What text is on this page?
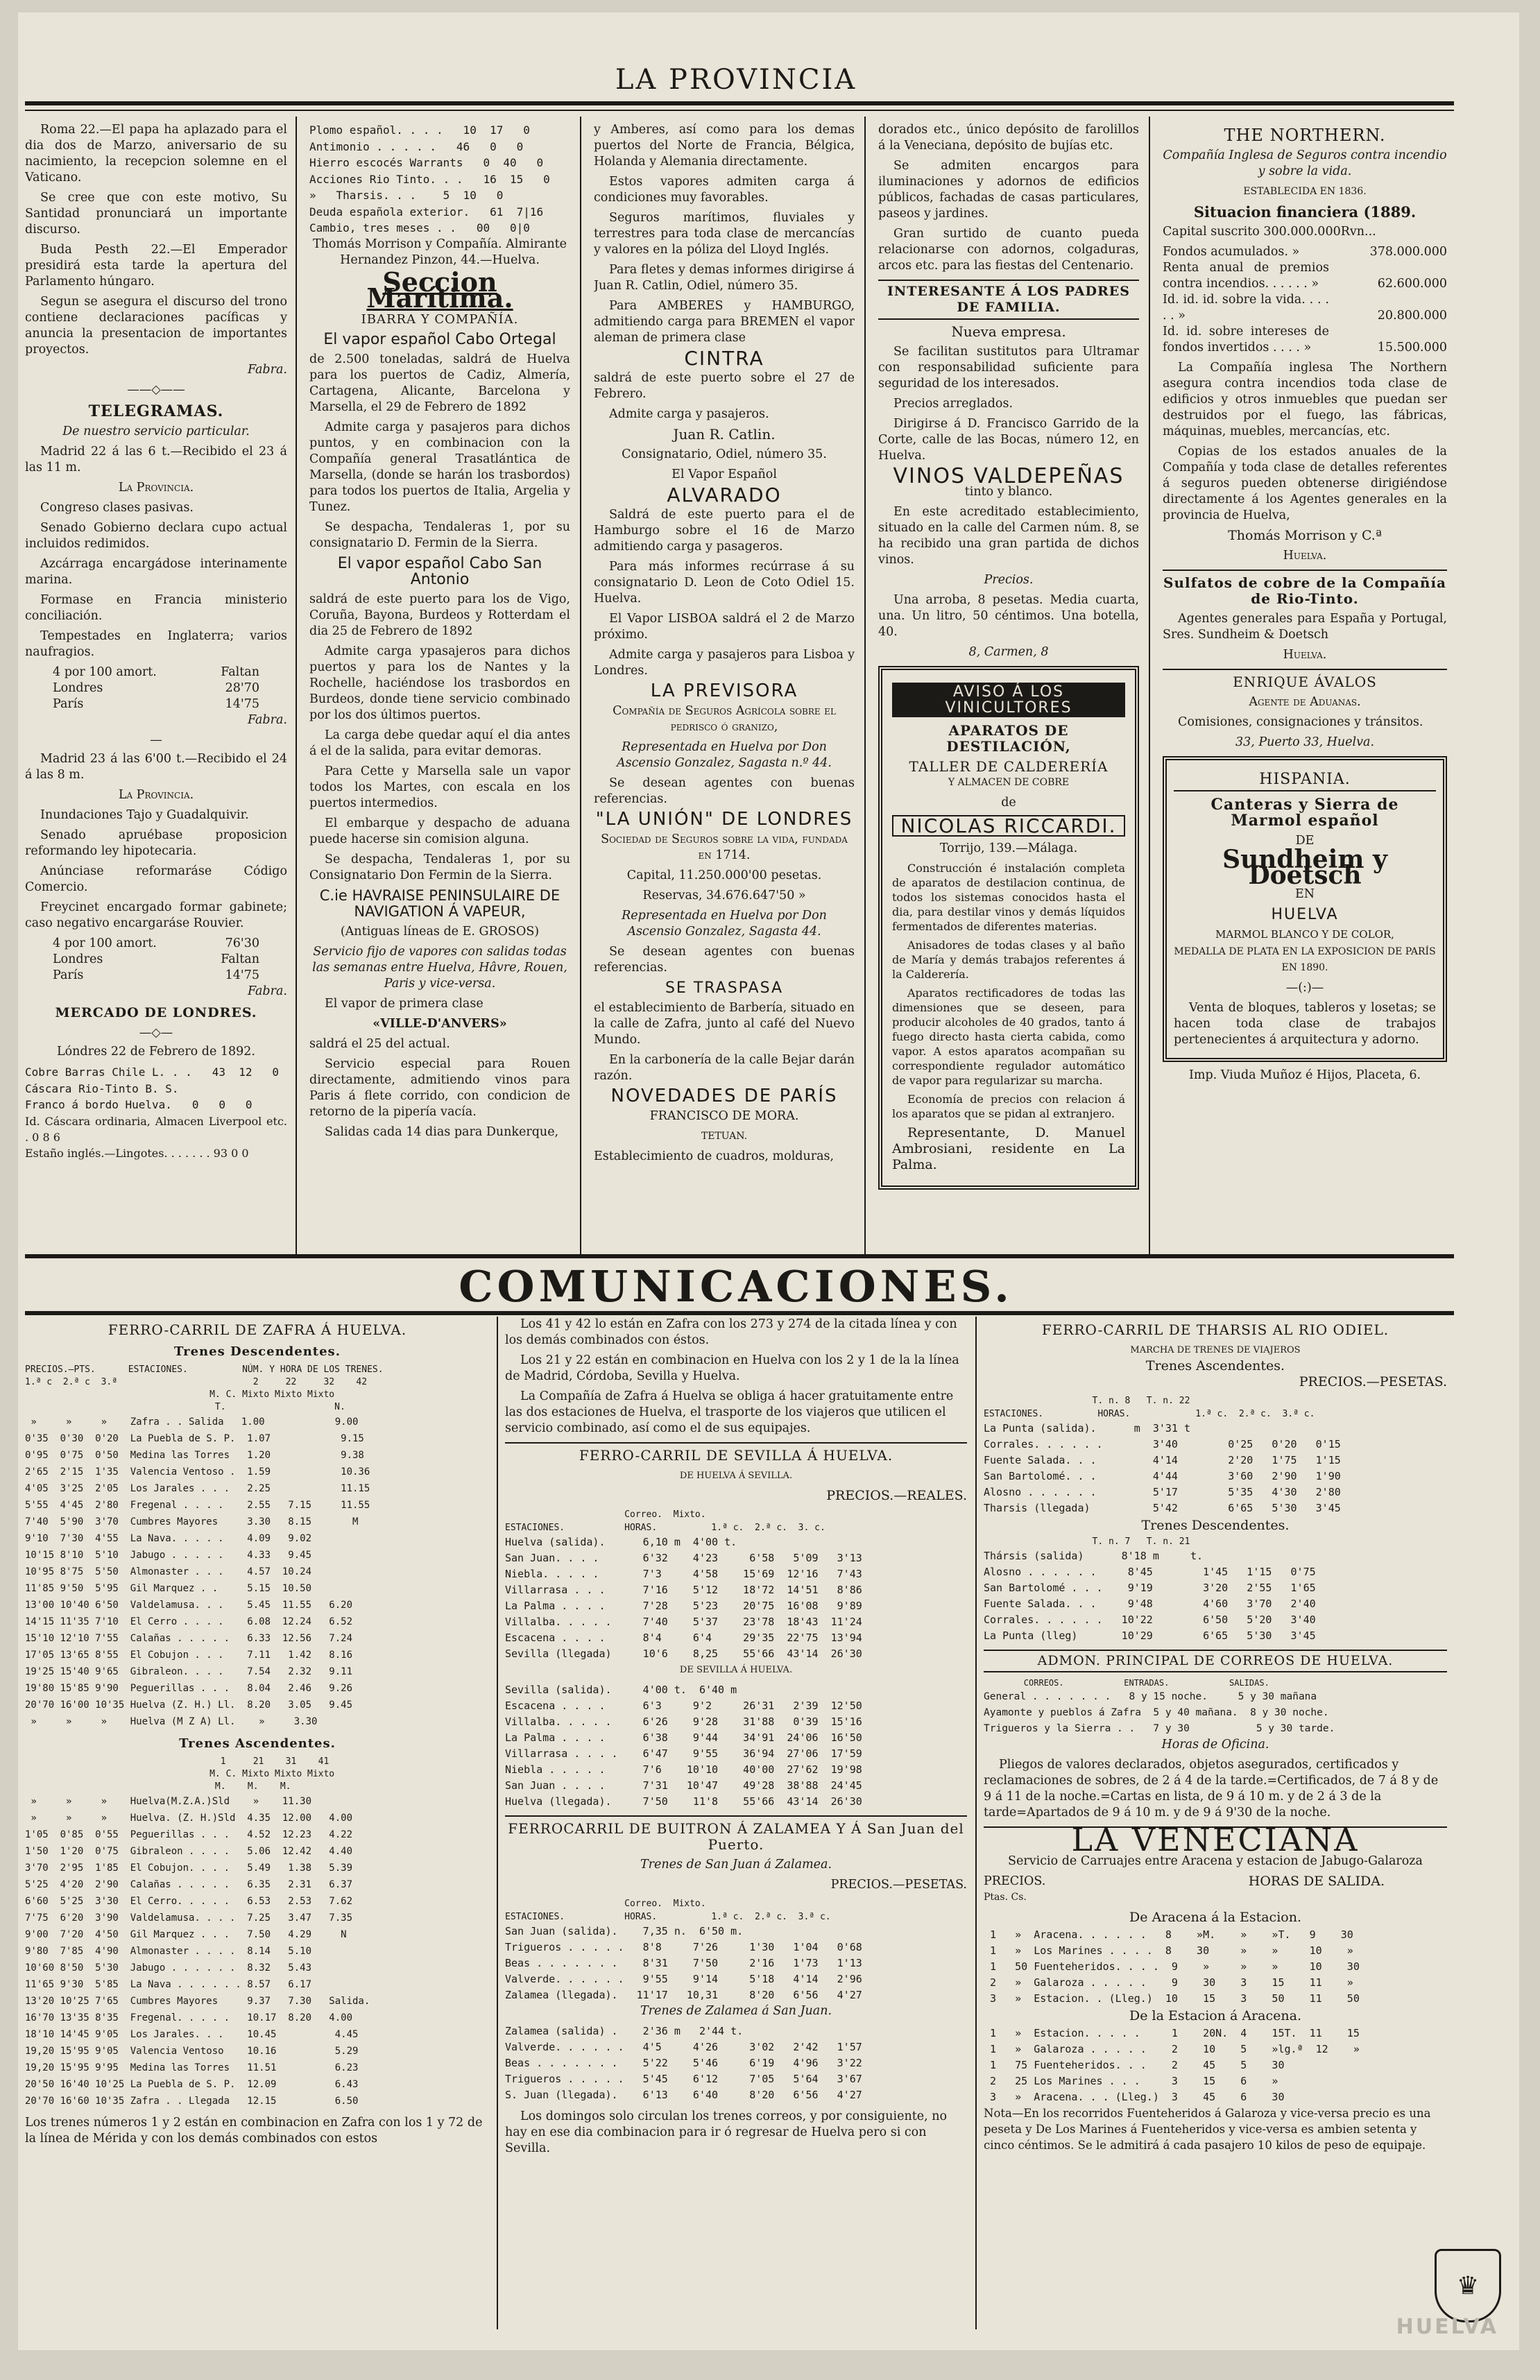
LA PROVINCIA

Roma 22.—El papa ha aplazado para el dia dos de Marzo, aniversario de su nacimiento, la recepcion solemne en el Vaticano.

Se cree que con este motivo, Su Santidad pronunciará un importante discurso.

Buda Pesth 22.—El Emperador presidirá esta tarde la apertura del Parlamento húngaro.

Segun se asegura el discurso del trono contiene declaraciones pacíficas y anuncia la presentacion de importantes proyectos.

Fabra.

——◇——
TELEGRAMAS.

De nuestro servicio particular.

Madrid 22 á las 6 t.—Recibido el 23 á las 11 m.

La Provincia.

Congreso clases pasivas.

Senado Gobierno declara cupo actual incluidos redimidos.

Azcárraga encargádose interinamente marina.

Formase en Francia ministerio conciliación.

Tempestades en Inglaterra; varios naufragios.

4 por 100 amort.	Faltan
Londres	28'70
París	14'75

Fabra.

—

Madrid 23 á las 6'00 t.—Recibido el 24 á las 8 m.

La Provincia.

Inundaciones Tajo y Guadalquivir.

Senado apruébase proposicion reformando ley hipotecaria.

Anúnciase reformaráse Código Comercio.

Freycinet encargado formar gabinete; caso negativo encargaráse Rouvier.

4 por 100 amort.	76'30
Londres	Faltan
París	14'75

Fabra.

MERCADO DE LONDRES.
—◇—

Lóndres 22 de Febrero de 1892.

Cobre Barras Chile L. . .   43  12   0
Cáscara Rio-Tinto B. S.
Franco á bordo Huelva.   0   0   0
Id. Cáscara ordinaria, Almacen Liverpool etc. . 0 8 6
Estaño inglés.—Lingotes. . . . . . . 93 0 0
Plomo español. . . .   10  17   0
Antimonio . . . . .   46   0   0
Hierro escocés Warrants   0  40   0
Acciones Rio Tinto. . .   16  15   0
»   Tharsis. . .    5  10   0
Deuda española exterior.   61  7|16
Cambio, tres meses . .   00   0|0

Thomás Morrison y Compañía. Almirante Hernandez Pinzon, 44.—Huelva.

Seccion Marítima.
IBARRA Y COMPAÑÍA.
El vapor español Cabo Ortegal

de 2.500 toneladas, saldrá de Huelva para los puertos de Cadiz, Almería, Cartagena, Alicante, Barcelona y Marsella, el 29 de Febrero de 1892

Admite carga y pasajeros para dichos puntos, y en combinacion con la Compañía general Trasatlántica de Marsella, (donde se harán los trasbordos) para todos los puertos de Italia, Argelia y Tunez.

Se despacha, Tendaleras 1, por su consignatario D. Fermin de la Sierra.

El vapor español Cabo San Antonio

saldrá de este puerto para los de Vigo, Coruña, Bayona, Burdeos y Rotterdam el dia 25 de Febrero de 1892

Admite carga ypasajeros para dichos puertos y para los de Nantes y la Rochelle, haciéndose los trasbordos en Burdeos, donde tiene servicio combinado por los dos últimos puertos.

La carga debe quedar aquí el dia antes á el de la salida, para evitar demoras.

Para Cette y Marsella sale un vapor todos los Martes, con escala en los puertos intermedios.

El embarque y despacho de aduana puede hacerse sin comision alguna.

Se despacha, Tendaleras 1, por su Consignatario Don Fermin de la Sierra.

C.ie HAVRAISE PENINSULAIRE DE NAVIGATION Á VAPEUR,

(Antiguas líneas de E. GROSOS)

Servicio fijo de vapores con salidas todas las semanas entre Huelva, Hâvre, Rouen, Paris y vice-versa.

El vapor de primera clase

«VILLE-D'ANVERS»

saldrá el 25 del actual.

Servicio especial para Rouen directamente, admitiendo vinos para Paris á flete corrido, con condicion de retorno de la pipería vacía.

Salidas cada 14 dias para Dunkerque,

y Amberes, así como para los demas puertos del Norte de Francia, Bélgica, Holanda y Alemania directamente.

Estos vapores admiten carga á condiciones muy favorables.

Seguros marítimos, fluviales y terrestres para toda clase de mercancías y valores en la póliza del Lloyd Inglés.

Para fletes y demas informes dirigirse á Juan R. Catlin, Odiel, número 35.

Para AMBERES y HAMBURGO, admitiendo carga para BREMEN el vapor aleman de primera clase

CINTRA

saldrá de este puerto sobre el 27 de Febrero.

Admite carga y pasajeros.

Juan R. Catlin.

Consignatario, Odiel, número 35.

El Vapor Español

ALVARADO

Saldrá de este puerto para el de Hamburgo sobre el 16 de Marzo admitiendo carga y pasageros.

Para más informes recúrrase á su consignatario D. Leon de Coto Odiel 15. Huelva.

El Vapor LISBOA saldrá el 2 de Marzo próximo.

Admite carga y pasajeros para Lisboa y Londres.

LA PREVISORA

Compañía de Seguros Agrícola sobre el pedrisco ó granizo,

Representada en Huelva por Don Ascensio Gonzalez, Sagasta n.º 44.

Se desean agentes con buenas referencias.

"LA UNIÓN" DE LONDRES

Sociedad de Seguros sobre la vida, fundada en 1714.

Capital, 11.250.000'00 pesetas.

Reservas, 34.676.647'50 »

Representada en Huelva por Don Ascensio Gonzalez, Sagasta 44.

Se desean agentes con buenas referencias.

SE TRASPASA

el establecimiento de Barbería, situado en la calle de Zafra, junto al café del Nuevo Mundo.

En la carbonería de la calle Bejar darán razón.

NOVEDADES DE PARÍS

FRANCISCO DE MORA.

TETUAN.

Establecimiento de cuadros, molduras,

dorados etc., único depósito de farolillos á la Veneciana, depósito de bujías etc.

Se admiten encargos para iluminaciones y adornos de edificios públicos, fachadas de casas particulares, paseos y jardines.

Gran surtido de cuanto pueda relacionarse con adornos, colgaduras, arcos etc. para las fiestas del Centenario.

INTERESANTE Á LOS PADRES DE FAMILIA.

Nueva empresa.

Se facilitan sustitutos para Ultramar con responsabilidad suficiente para seguridad de los interesados.

Precios arreglados.

Dirigirse á D. Francisco Garrido de la Corte, calle de las Bocas, número 12, en Huelva.

VINOS VALDEPEÑAS

tinto y blanco.

En este acreditado establecimiento, situado en la calle del Carmen núm. 8, se ha recibido una gran partida de dichos vinos.

Precios.

Una arroba, 8 pesetas. Media cuarta, una. Un litro, 50 céntimos. Una botella, 40.

8, Carmen, 8

AVISO Á LOS VINICULTORES
APARATOS DE DESTILACIÓN,
TALLER DE CALDERERÍA

Y ALMACEN DE COBRE

de

NICOLAS RICCARDI.

Torrijo, 139.—Málaga.

Construcción é instalación completa de aparatos de destilacion continua, de todos los sistemas conocidos hasta el dia, para destilar vinos y demás líquidos fermentados de diferentes materias.

Anisadores de todas clases y al baño de María y demás trabajos referentes á la Calderería.

Aparatos rectificadores de todas las dimensiones que se deseen, para producir alcoholes de 40 grados, tanto á fuego directo hasta cierta cabida, como vapor. A estos aparatos acompañan su correspondiente regulador automático de vapor para regularizar su marcha.

Economía de precios con relacion á los aparatos que se pidan al extranjero.

Representante, D. Manuel Ambrosiani, residente en La Palma.

THE NORTHERN.

Compañía Inglesa de Seguros contra incendio y sobre la vida.

ESTABLECIDA EN 1836.

Situacion financiera (1889.

Capital suscrito 300.000.000Rvn...

Fondos acumulados. »	378.000.000
Renta anual de premios contra incendios. . . . . . »	62.600.000
Id. id. id. sobre la vida. . . . . . »	20.800.000
Id. id. sobre intereses de fondos invertidos . . . . »	15.500.000

La Compañía inglesa The Northern asegura contra incendios toda clase de edificios y otros inmuebles que puedan ser destruidos por el fuego, las fábricas, máquinas, muebles, mercancías, etc.

Copias de los estados anuales de la Compañía y toda clase de detalles referentes á seguros pueden obtenerse dirigiéndose directamente á los Agentes generales en la provincia de Huelva,

Thomás Morrison y C.ª

Huelva.

Sulfatos de cobre de la Compañía de Rio-Tinto.

Agentes generales para España y Portugal, Sres. Sundheim & Doetsch

Huelva.

ENRIQUE ÁVALOS

Agente de Aduanas.

Comisiones, consignaciones y tránsitos.

33, Puerto 33, Huelva.

HISPANIA.
Canteras y Sierra de Marmol español

DE

Sundheim y Doetsch

EN

HUELVA

MARMOL BLANCO Y DE COLOR,

MEDALLA DE PLATA EN LA EXPOSICION DE PARÍS EN 1890.

—(:)—

Venta de bloques, tableros y losetas; se hacen toda clase de trabajos pertenecientes á arquitectura y adorno.

Imp. Viuda Muñoz é Hijos, Placeta, 6.

COMUNICACIONES.
FERRO-CARRIL DE ZAFRA Á HUELVA.
Trenes Descendentes.
PRECIOS.—PTS.      ESTACIONES.          NÚM. Y HORA DE LOS TRENES.
1.ª c  2.ª c  3.ª                         2     22     32    42
M. C. Mixto Mixto Mixto
T.                    N.
»     »     »    Zafra . . Salida   1.00            9.00
0'35  0'30  0'20  La Puebla de S. P.  1.07            9.15
0'95  0'75  0'50  Medina las Torres   1.20            9.38
2'65  2'15  1'35  Valencia Ventoso .  1.59            10.36
4'05  3'25  2'05  Los Jarales . . .   2.25            11.15
5'55  4'45  2'80  Fregenal . . . .    2.55   7.15     11.55
7'40  5'90  3'70  Cumbres Mayores     3.30   8.15       M
9'10  7'30  4'55  La Nava. . . . .    4.09   9.02
10'15 8'10  5'10  Jabugo . . . . .    4.33   9.45
10'95 8'75  5'50  Almonaster . . .    4.57  10.24
11'85 9'50  5'95  Gil Marquez . .     5.15  10.50
13'00 10'40 6'50  Valdelamusa. . .    5.45  11.55   6.20
14'15 11'35 7'10  El Cerro . . . .    6.08  12.24   6.52
15'10 12'10 7'55  Calañas . . . . .   6.33  12.56   7.24
17'05 13'65 8'55  El Cobujon . . .    7.11   1.42   8.16
19'25 15'40 9'65  Gibraleon. . . .    7.54   2.32   9.11
19'80 15'85 9'90  Peguerillas . . .   8.04   2.46   9.26
20'70 16'00 10'35 Huelva (Z. H.) Ll.  8.20   3.05   9.45
»     »     »    Huelva (M Z A) Ll.    »     3.30
Trenes Ascendentes.
1     21    31    41
M. C. Mixto Mixto Mixto
M.    M.    M.
»     »     »    Huelva(M.Z.A.)Sld    »    11.30
»     »     »    Huelva. (Z. H.)Sld  4.35  12.00   4.00
1'05  0'85  0'55  Peguerillas . . .   4.52  12.23   4.22
1'50  1'20  0'75  Gibraleon . . . .   5.06  12.42   4.40
3'70  2'95  1'85  El Cobujon. . . .   5.49   1.38   5.39
5'25  4'20  2'90  Calañas . . . . .   6.35   2.31   6.37
6'60  5'25  3'30  El Cerro. . . . .   6.53   2.53   7.62
7'75  6'20  3'90  Valdelamusa. . . .  7.25   3.47   7.35
9'00  7'20  4'50  Gil Marquez . . .   7.50   4.29     N
9'80  7'85  4'90  Almonaster . . . .  8.14   5.10
10'60 8'50  5'30  Jabugo . . . . . .  8.32   5.43
11'65 9'30  5'85  La Nava . . . . . . 8.57   6.17
13'20 10'25 7'65  Cumbres Mayores     9.37   7.30   Salida.
16'70 13'35 8'35  Fregenal. . . . .   10.17  8.20   4.00
18'10 14'45 9'05  Los Jarales. . .    10.45          4.45
19,20 15'95 9'05  Valencia Ventoso    10.16          5.29
19,20 15'95 9'95  Medina las Torres   11.51          6.23
20'50 16'40 10'25 La Puebla de S. P.  12.09          6.43
20'70 16'60 10'35 Zafra . . Llegada   12.15          6.50

Los trenes números 1 y 2 están en combinacion en Zafra con los 1 y 72 de la línea de Mérida y con los demás combinados con estos

Los 41 y 42 lo están en Zafra con los 273 y 274 de la citada línea y con los demás combinados con éstos.

Los 21 y 22 están en combinacion en Huelva con los 2 y 1 de la la línea de Madrid, Córdoba, Sevilla y Huelva.

La Compañía de Zafra á Huelva se obliga á hacer gratuitamente entre las dos estaciones de Huelva, el trasporte de los viajeros que utilicen el servicio combinado, así como el de sus equipajes.

FERRO-CARRIL DE SEVILLA Á HUELVA.

DE HUELVA Á SEVILLA.

PRECIOS.—REALES.

Correo.  Mixto.
ESTACIONES.           HORAS.          1.ª c.  2.ª c.  3. c.
Huelva (salida).      6,10 m  4'00 t.
San Juan. . . .       6'32    4'23     6'58   5'09   3'13
Niebla. . . . .       7'3     4'58    15'69  12'16   7'43
Villarrasa . . .      7'16    5'12    18'72  14'51   8'86
La Palma . . . .      7'28    5'23    20'75  16'08   9'89
Villalba. . . . .     7'40    5'37    23'78  18'43  11'24
Escacena . . . .      8'4     6'4     29'35  22'75  13'94
Sevilla (llegada)     10'6    8,25    55'66  43'14  26'30

DE SEVILLA Á HUELVA.

Sevilla (salida).     4'00 t.  6'40 m
Escacena . . . .      6'3     9'2     26'31   2'39  12'50
Villalba. . . . .     6'26    9'28    31'88   0'39  15'16
La Palma . . . .      6'38    9'44    34'91  24'06  16'50
Villarrasa . . . .    6'47    9'55    36'94  27'06  17'59
Niebla . . . . .      7'6    10'10    40'00  27'62  19'98
San Juan . . . .      7'31   10'47    49'28  38'88  24'45
Huelva (llegada).     7'50    11'8    55'66  43'14  26'30
FERROCARRIL DE BUITRON Á ZALAMEA Y Á San Juan del Puerto.

Trenes de San Juan á Zalamea.

PRECIOS.—PESETAS.

Correo.  Mixto.
ESTACIONES.           HORAS.          1.ª c.  2.ª c.  3.ª c.
San Juan (salida).    7,35 n.  6'50 m.
Trigueros . . . . .   8'8     7'26     1'30   1'04   0'68
Beas . . . . . . .    8'31    7'50     2'16   1'73   1'13
Valverde. . . . . .   9'55    9'14     5'18   4'14   2'96
Zalamea (llegada).   11'17   10,31     8'20   6'56   4'27

Trenes de Zalamea á San Juan.

Zalamea (salida) .    2'36 m   2'44 t.
Valverde. . . . . .   4'5     4'26     3'02   2'42   1'57
Beas . . . . . . .    5'22    5'46     6'19   4'96   3'22
Trigueros . . . . .   5'45    6'12     7'05   5'64   3'67
S. Juan (llegada).    6'13    6'40     8'20   6'56   4'27

Los domingos solo circulan los trenes correos, y por consiguiente, no hay en ese dia combinacion para ir ó regresar de Huelva pero si con Sevilla.

FERRO-CARRIL DE THARSIS AL RIO ODIEL.

MARCHA DE TRENES DE VIAJEROS

Trenes Ascendentes.

PRECIOS.—PESETAS.

T. n. 8   T. n. 22
ESTACIONES.          HORAS.            1.ª c.  2.ª c.  3.ª c.
La Punta (salida).      m  3'31 t
Corrales. . . . . .        3'40        0'25   0'20   0'15
Fuente Salada. . .         4'14        2'20   1'75   1'15
San Bartolomé. . .         4'44        3'60   2'90   1'90
Alosno . . . . . .         5'17        5'35   4'30   2'80
Tharsis (llegada)          5'42        6'65   5'30   3'45

Trenes Descendentes.

T. n. 7   T. n. 21
Thársis (salida)      8'18 m     t.
Alosno . . . . . .     8'45        1'45   1'15   0'75
San Bartolomé . . .    9'19        3'20   2'55   1'65
Fuente Salada. . .     9'48        4'60   3'70   2'40
Corrales. . . . . .   10'22        6'50   5'20   3'40
La Punta (lleg)       10'29        6'65   5'30   3'45
ADMON. PRINCIPAL DE CORREOS DE HUELVA.
CORREOS.            ENTRADAS.            SALIDAS.
General . . . . . . .   8 y 15 noche.     5 y 30 mañana
Ayamonte y pueblos á Zafra  5 y 40 mañana.  8 y 30 noche.
Trigueros y la Sierra . .   7 y 30           5 y 30 tarde.

Horas de Oficina.

Pliegos de valores declarados, objetos asegurados, certificados y reclamaciones de sobres, de 2 á 4 de la tarde.=Certificados, de 7 á 8 y de 9 á 11 de la noche.=Cartas en lista, de 9 á 10 m. y de 2 á 3 de la tarde=Apartados de 9 á 10 m. y de 9 á 9'30 de la noche.

LA VENECIANA

Servicio de Carruajes entre Aracena y estacion de Jabugo-Galaroza

PRECIOS.	HORAS DE SALIDA.

Ptas. Cs.

De Aracena á la Estacion.

1   »  Aracena. . . . . .   8    »M.    »    »T.   9    30
1   »  Los Marines . . . .  8    30     »    »     10    »
1   50 Fuenteheridos. . . .  9    »     »    »     10    30
2   »  Galaroza . . . . .    9    30    3    15    11    »
3   »  Estacion. . (Lleg.)  10    15    3    50    11    50

De la Estacion á Aracena.

1   »  Estacion. . . . .     1    20N.  4    15T.  11    15
1   »  Galaroza . . . . .    2    10    5    »lg.ª  12    »
1   75 Fuenteheridos. . .    2    45    5    30
2   25 Los Marines . . .     3    15    6    »
3   »  Aracena. . . (Lleg.)  3    45    6    30

Nota—En los recorridos Fuenteheridos á Galaroza y vice-versa precio es una peseta y De Los Marines á Fuenteheridos y vice-versa es ambien setenta y cinco céntimos. Se le admitirá á cada pasajero 10 kilos de peso de equipaje.

♛
HUELVA
